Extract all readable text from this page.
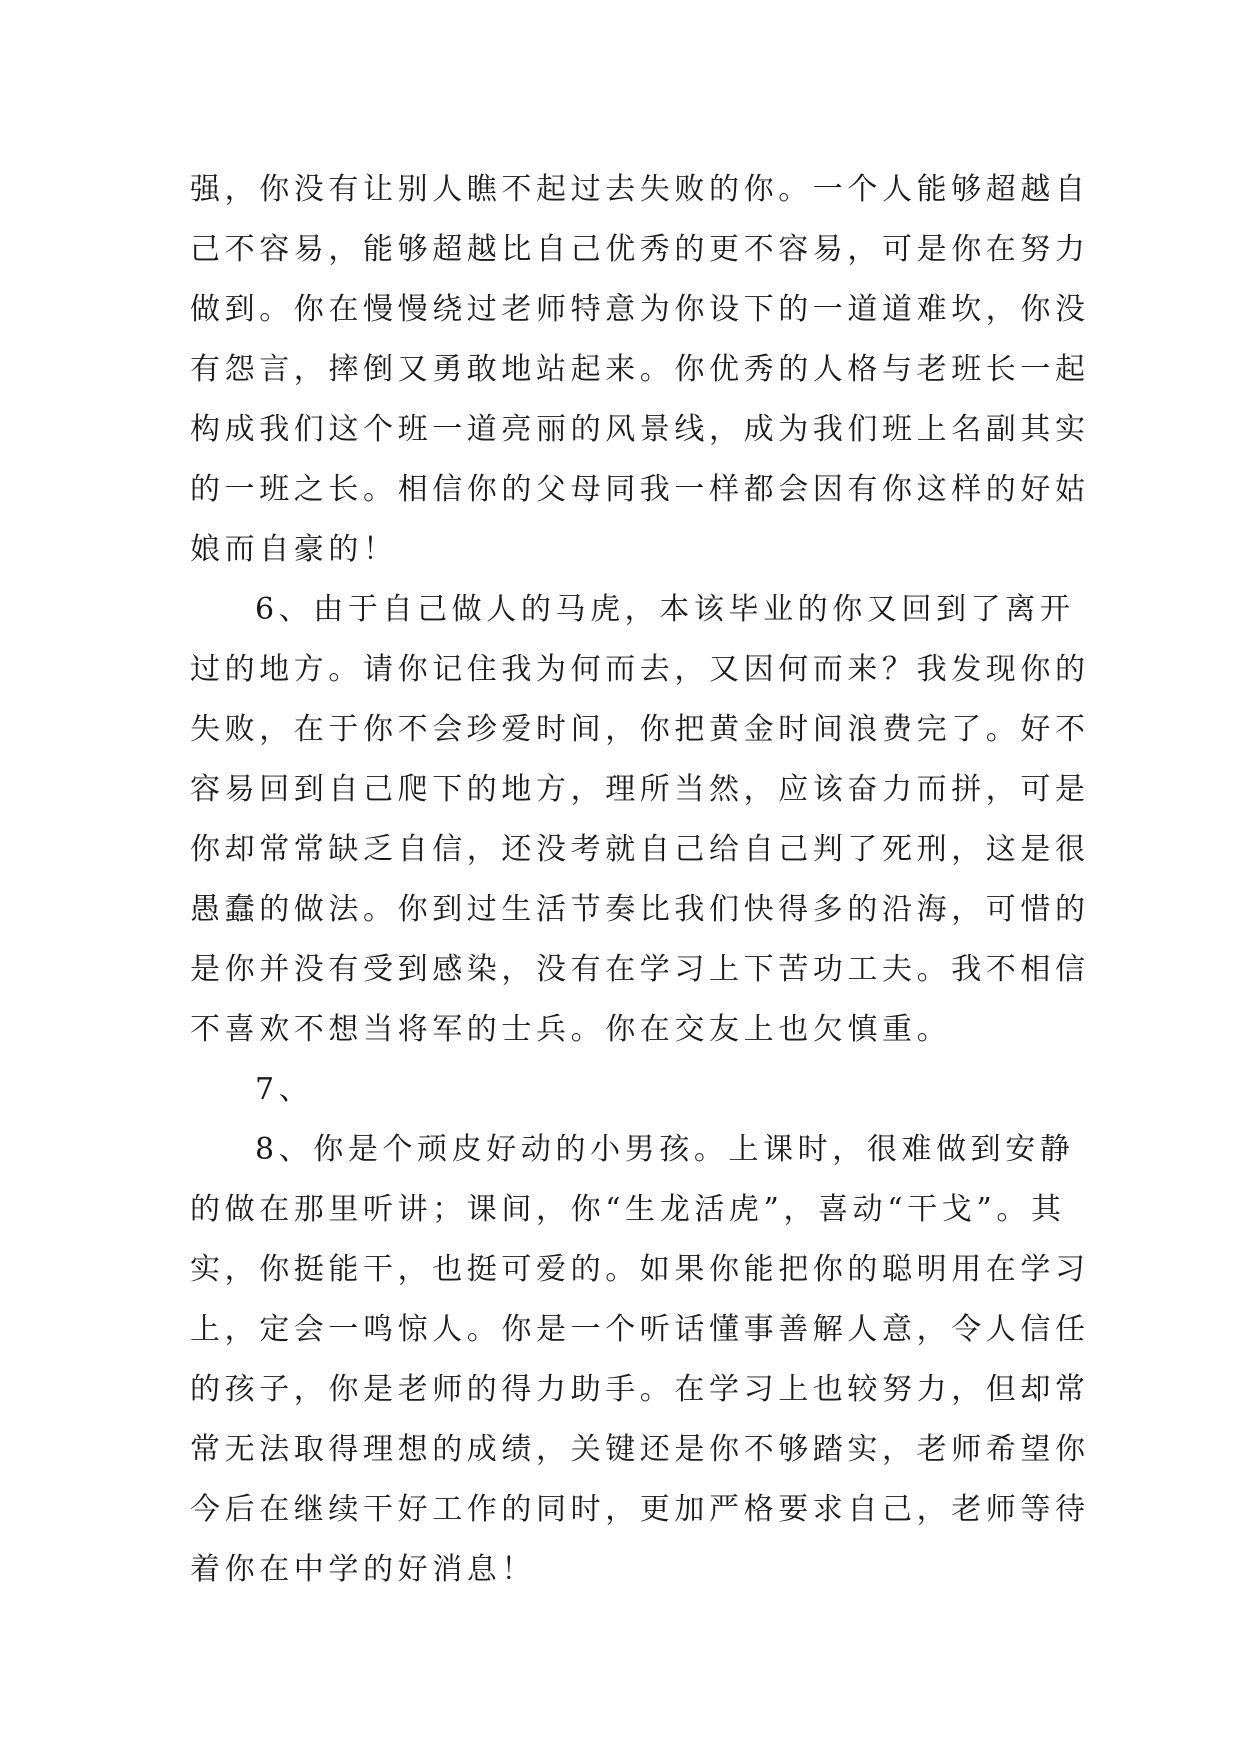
强，你没有让别人瞧不起过去失败的你。一个人能够超越自
己不容易，能够超越比自己优秀的更不容易，可是你在努力
做到。你在慢慢绕过老师特意为你设下的一道道难坎，你没
有怨言，摔倒又勇敢地站起来。你优秀的人格与老班长一起
构成我们这个班一道亮丽的风景线，成为我们班上名副其实
的一班之长。相信你的父母同我一样都会因有你这样的好姑
娘而自豪的！
6、由于自己做人的马虎，本该毕业的你又回到了离开
过的地方。请你记住我为何而去，又因何而来？我发现你的
失败，在于你不会珍爱时间，你把黄金时间浪费完了。好不
容易回到自己爬下的地方，理所当然，应该奋力而拼，可是
你却常常缺乏自信，还没考就自己给自己判了死刑，这是很
愚蠢的做法。你到过生活节奏比我们快得多的沿海，可惜的
是你并没有受到感染，没有在学习上下苦功工夫。我不相信
不喜欢不想当将军的士兵。你在交友上也欠慎重。
7、
8、你是个顽皮好动的小男孩。上课时，很难做到安静
的做在那里听讲；课间，你“生龙活虎”，喜动“干戈”。其
实，你挺能干，也挺可爱的。如果你能把你的聪明用在学习
上，定会一鸣惊人。你是一个听话懂事善解人意，令人信任
的孩子，你是老师的得力助手。在学习上也较努力，但却常
常无法取得理想的成绩，关键还是你不够踏实，老师希望你
今后在继续干好工作的同时，更加严格要求自己，老师等待
着你在中学的好消息！
